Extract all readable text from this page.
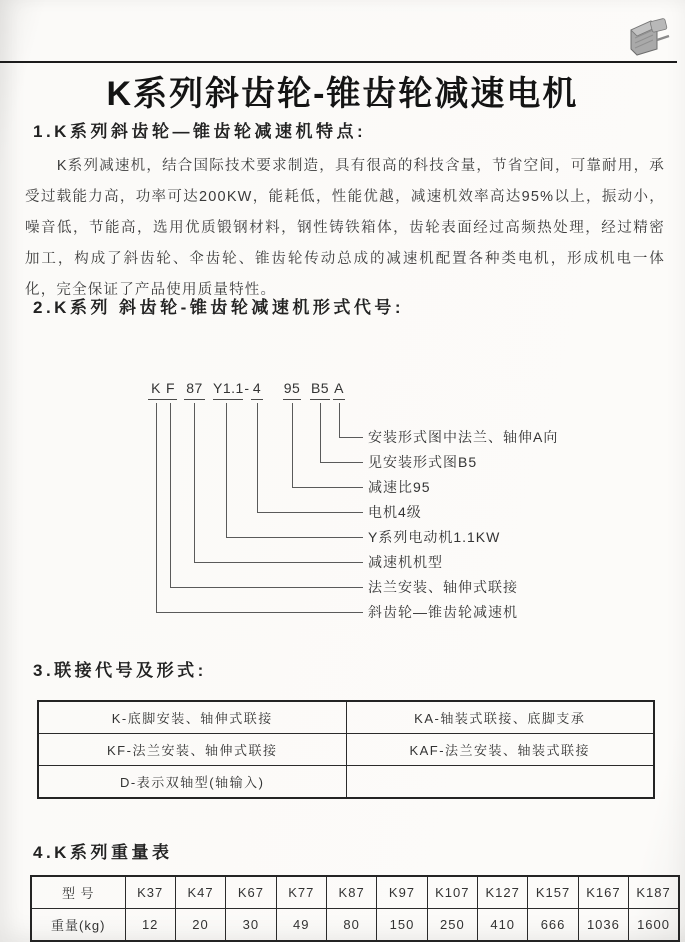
K系列斜齿轮-锥齿轮减速电机
1.K系列斜齿轮—锥齿轮减速机特点:
K系列减速机，结合国际技术要求制造，具有很高的科技含量，节省空间，可靠耐用，承受过载能力高，功率可达200KW，能耗低，性能优越，减速机效率高达95%以上，振动小，噪音低，节能高，选用优质锻钢材料，钢性铸铁箱体，齿轮表面经过高频热处理，经过精密加工，构成了斜齿轮、伞齿轮、锥齿轮传动总成的减速机配置各种类电机，形成机电一体化，完全保证了产品使用质量特性。
2.K系列 斜齿轮-锥齿轮减速机形式代号:
K F 87 Y1.1 - 4 95 B5 A
安装形式图中法兰、轴伸A向
见安装形式图B5
减速比95
电机4级
Y系列电动机1.1KW
减速机机型
法兰安装、轴伸式联接
斜齿轮—锥齿轮减速机
3.联接代号及形式:
K-底脚安装、轴伸式联接	KA-轴装式联接、底脚支承
KF-法兰安装、轴伸式联接	KAF-法兰安装、轴装式联接
D-表示双轴型(轴输入)	
4.K系列重量表
型 号	K37	K47	K67	K77	K87	K97	K107	K127	K157	K167	K187
重量(kg)	12	20	30	49	80	150	250	410	666	1036	1600
